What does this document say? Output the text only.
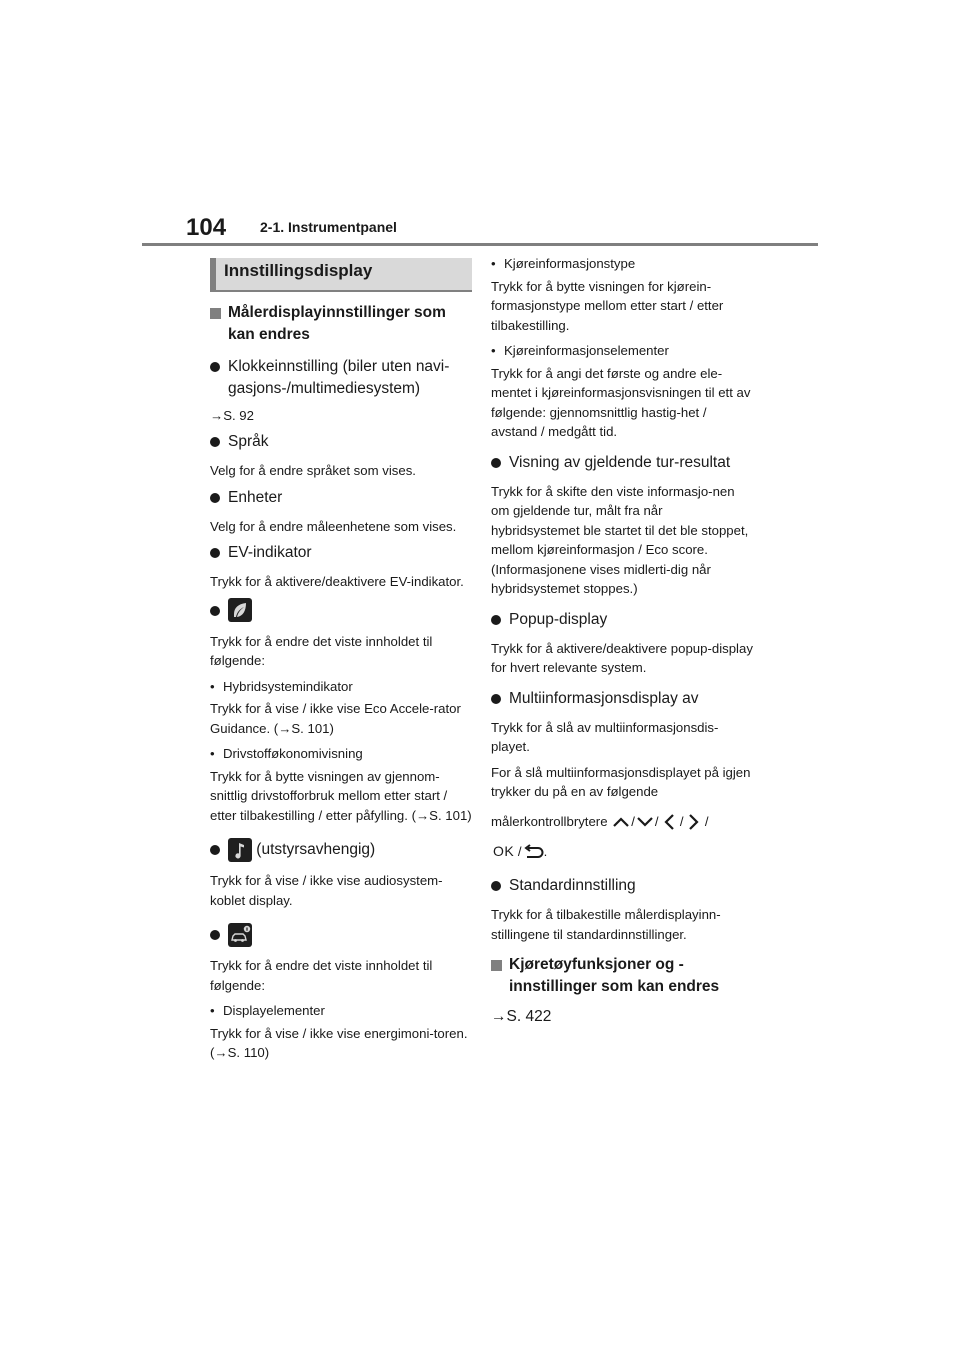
104 2-1. Instrumentpanel
Innstillingsdisplay
Målerdisplayinnstillinger som kan endres
Klokkeinnstilling (biler uten navi-gasjons-/multimediesystem)
→S. 92
Språk
Velg for å endre språket som vises.
Enheter
Velg for å endre måleenhetene som vises.
EV-indikator
Trykk for å aktivere/deaktivere EV-indikator.
Trykk for å endre det viste innholdet til følgende:
• Hybridsystemindikator
Trykk for å vise / ikke vise Eco Accele-rator Guidance. (→S. 101)
• Drivstofføkonomivisning
Trykk for å bytte visningen av gjennom-snittlig drivstofforbruk mellom etter start / etter tilbakestilling / etter påfylling. (→S. 101)
(utstyrsavhengig)
Trykk for å vise / ikke vise audiosystem-koblet display.
Trykk for å endre det viste innholdet til følgende:
• Displayelementer
Trykk for å vise / ikke vise energimoni-toren. (→S. 110)
• Kjøreinformasjonstype
Trykk for å bytte visningen for kjørein-formasjonstype mellom etter start / etter tilbakestilling.
• Kjøreinformasjonselementer
Trykk for å angi det første og andre ele-mentet i kjøreinformasjonsvisningen til ett av følgende: gjennomsnittlig hastig-het / avstand / medgått tid.
Visning av gjeldende tur-resultat
Trykk for å skifte den viste informasjo-nen om gjeldende tur, målt fra når hybridsystemet ble startet til det ble stoppet, mellom kjøreinformasjon / Eco score. (Informasjonene vises midlerti-dig når hybridsystemet stoppes.)
Popup-display
Trykk for å aktivere/deaktivere popup-display for hvert relevante system.
Multiinformasjonsdisplay av
Trykk for å slå av multiinformasjonsdis-playet.
For å slå multiinformasjonsdisplayet på igjen trykker du på en av følgende
målerkontrollbrytere / / / /
OK / .
Standardinnstilling
Trykk for å tilbakestille målerdisplayinn-stillingene til standardinnstillinger.
Kjøretøyfunksjoner og -innstillinger som kan endres
→S. 422
